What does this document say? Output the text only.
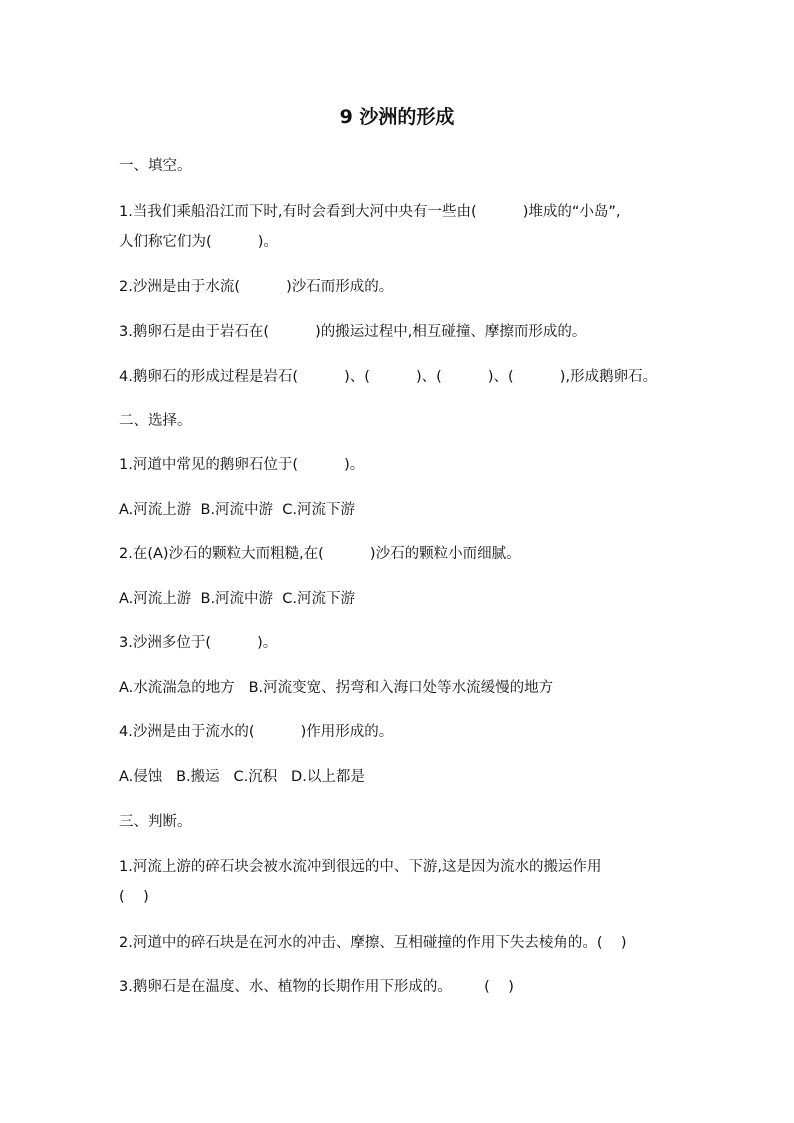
9 沙洲的形成

一、填空。

1.当我们乘船沿江而下时,有时会看到大河中央有一些由(          )堆成的“小岛”,

人们称它们为(          )。

2.沙洲是由于水流(          )沙石而形成的。

3.鹅卵石是由于岩石在(          )的搬运过程中,相互碰撞、摩擦而形成的。

4.鹅卵石的形成过程是岩石(          )、(          )、(          )、(          ),形成鹅卵石。

二、选择。

1.河道中常见的鹅卵石位于(          )。

A.河流上游  B.河流中游  C.河流下游

2.在(A)沙石的颗粒大而粗糙,在(          )沙石的颗粒小而细腻。

A.河流上游  B.河流中游  C.河流下游

3.沙洲多位于(          )。

A.水流湍急的地方   B.河流变宽、拐弯和入海口处等水流缓慢的地方

4.沙洲是由于流水的(          )作用形成的。

A.侵蚀   B.搬运   C.沉积   D.以上都是

三、判断。

1.河流上游的碎石块会被水流冲到很远的中、下游,这是因为流水的搬运作用

(    )

2.河道中的碎石块是在河水的冲击、摩擦、互相碰撞的作用下失去棱角的。(    )

3.鹅卵石是在温度、水、植物的长期作用下形成的。       (    )
